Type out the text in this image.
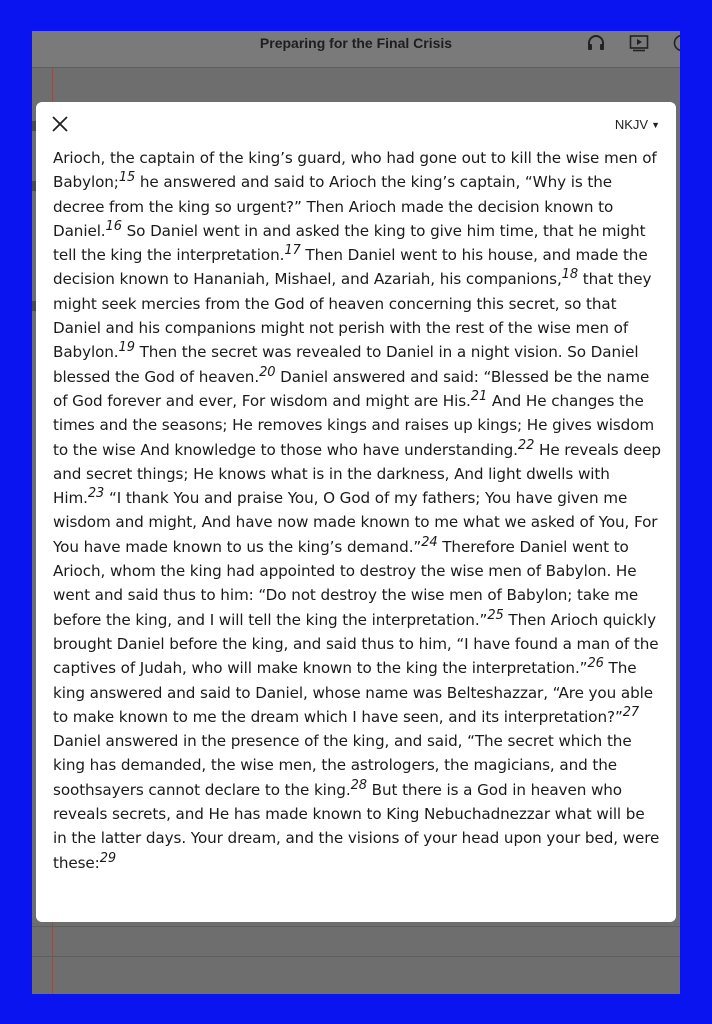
Preparing for the Final Crisis
NKJV ▼
Arioch, the captain of the king’s guard, who had gone out to kill the wise men of Babylon;$^{15}$ he answered and said to Arioch the king’s captain, “Why is the decree from the king so urgent?” Then Arioch made the decision known to Daniel.$^{16}$ So Daniel went in and asked the king to give him time, that he might tell the king the interpretation.$^{17}$ Then Daniel went to his house, and made the decision known to Hananiah, Mishael, and Azariah, his companions,$^{18}$ that they might seek mercies from the God of heaven concerning this secret, so that Daniel and his companions might not perish with the rest of the wise men of Babylon.$^{19}$ Then the secret was revealed to Daniel in a night vision. So Daniel blessed the God of heaven.$^{20}$ Daniel answered and said: “Blessed be the name of God forever and ever, For wisdom and might are His.$^{21}$ And He changes the times and the seasons; He removes kings and raises up kings; He gives wisdom to the wise And knowledge to those who have understanding.$^{22}$ He reveals deep and secret things; He knows what is in the darkness, And light dwells with Him.$^{23}$ “I thank You and praise You, O God of my fathers; You have given me wisdom and might, And have now made known to me what we asked of You, For You have made known to us the king’s demand.”$^{24}$ Therefore Daniel went to Arioch, whom the king had appointed to destroy the wise men of Babylon. He went and said thus to him: “Do not destroy the wise men of Babylon; take me before the king, and I will tell the king the interpretation.”$^{25}$ Then Arioch quickly brought Daniel before the king, and said thus to him, “I have found a man of the captives of Judah, who will make known to the king the interpretation.”$^{26}$ The king answered and said to Daniel, whose name was Belteshazzar, “Are you able to make known to me the dream which I have seen, and its interpretation?”$^{27}$ Daniel answered in the presence of the king, and said, “The secret which the king has demanded, the wise men, the astrologers, the magicians, and the soothsayers cannot declare to the king.$^{28}$ But there is a God in heaven who reveals secrets, and He has made known to King Nebuchadnezzar what will be in the latter days. Your dream, and the visions of your head upon your bed, were these:$^{29}$
